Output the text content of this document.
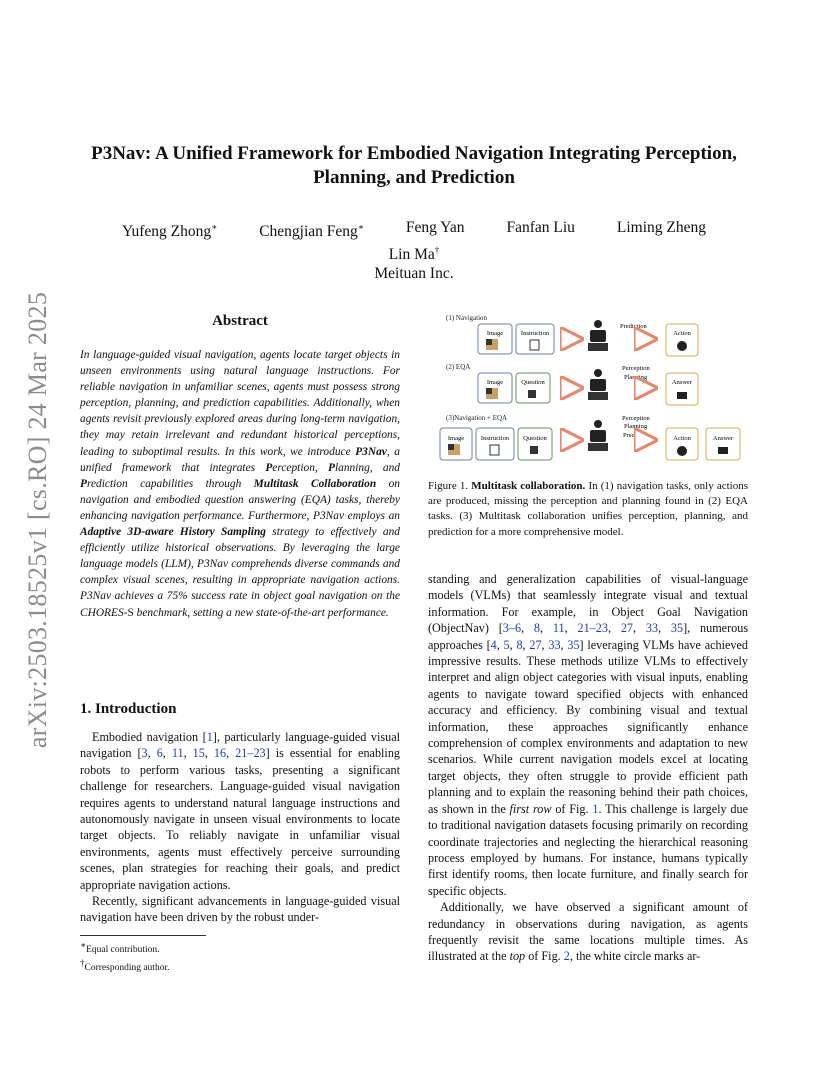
arXiv:2503.18525v1 [cs.RO] 24 Mar 2025
P3Nav: A Unified Framework for Embodied Navigation Integrating Perception,
Planning, and Prediction
Yufeng Zhong∗	Chengjian Feng∗	Feng Yan	Fanfan Liu	Liming Zheng
Lin Ma†
Meituan Inc.
Abstract
In language-guided visual navigation, agents locate target objects in unseen environments using natural language instructions. For reliable navigation in unfamiliar scenes, agents must possess strong perception, planning, and prediction capabilities. Additionally, when agents revisit previously explored areas during long-term navigation, they may retain irrelevant and redundant historical perceptions, leading to suboptimal results. In this work, we introduce P3Nav, a unified framework that integrates Perception, Planning, and Prediction capabilities through Multitask Collaboration on navigation and embodied question answering (EQA) tasks, thereby enhancing navigation performance. Furthermore, P3Nav employs an Adaptive 3D-aware History Sampling strategy to effectively and efficiently utilize historical observations. By leveraging the large language models (LLM), P3Nav comprehends diverse commands and complex visual scenes, resulting in appropriate navigation actions. P3Nav achieves a 75% success rate in object goal navigation on the CHORES-S benchmark, setting a new state-of-the-art performance.
1. Introduction

Embodied navigation [1], particularly language-guided visual navigation [3, 6, 11, 15, 16, 21–23] is essential for enabling robots to perform various tasks, presenting a significant challenge for researchers. Language-guided visual navigation requires agents to understand natural language instructions and autonomously navigate in unseen visual environments to locate target objects. To reliably navigate in unfamiliar visual environments, agents must effectively perceive surrounding scenes, plan strategies for reaching their goals, and predict appropriate navigation actions.

Recently, significant advancements in language-guided visual navigation have been driven by the robust under-

∗Equal contribution.
†Corresponding author.
(1) Navigation
(2) EQA
(3)Navigation + EQA
Image	Instruction
Prediction
Action
Image	Question
Perception
Planning
Answer
Image	Instruction Question
Perception
Planning
Prediction	Action	Answer
Figure 1. Multitask collaboration. In (1) navigation tasks, only actions are produced, missing the perception and planning found in (2) EQA tasks. (3) Multitask collaboration unifies perception, planning, and prediction for a more comprehensive model.

standing and generalization capabilities of visual-language models (VLMs) that seamlessly integrate visual and textual information. For example, in Object Goal Navigation (ObjectNav) [3–6, 8, 11, 21–23, 27, 33, 35], numerous approaches [4, 5, 8, 27, 33, 35] leveraging VLMs have achieved impressive results. These methods utilize VLMs to effectively interpret and align object categories with visual inputs, enabling agents to navigate toward specified objects with enhanced accuracy and efficiency. By combining visual and textual information, these approaches significantly enhance comprehension of complex environments and adaptation to new scenarios. While current navigation models excel at locating target objects, they often struggle to provide efficient path planning and to explain the reasoning behind their path choices, as shown in the first row of Fig. 1. This challenge is largely due to traditional navigation datasets focusing primarily on recording coordinate trajectories and neglecting the hierarchical reasoning process employed by humans. For instance, humans typically first identify rooms, then locate furniture, and finally search for specific objects.

Additionally, we have observed a significant amount of redundancy in observations during navigation, as agents frequently revisit the same locations multiple times. As illustrated at the top of Fig. 2, the white circle marks ar-
